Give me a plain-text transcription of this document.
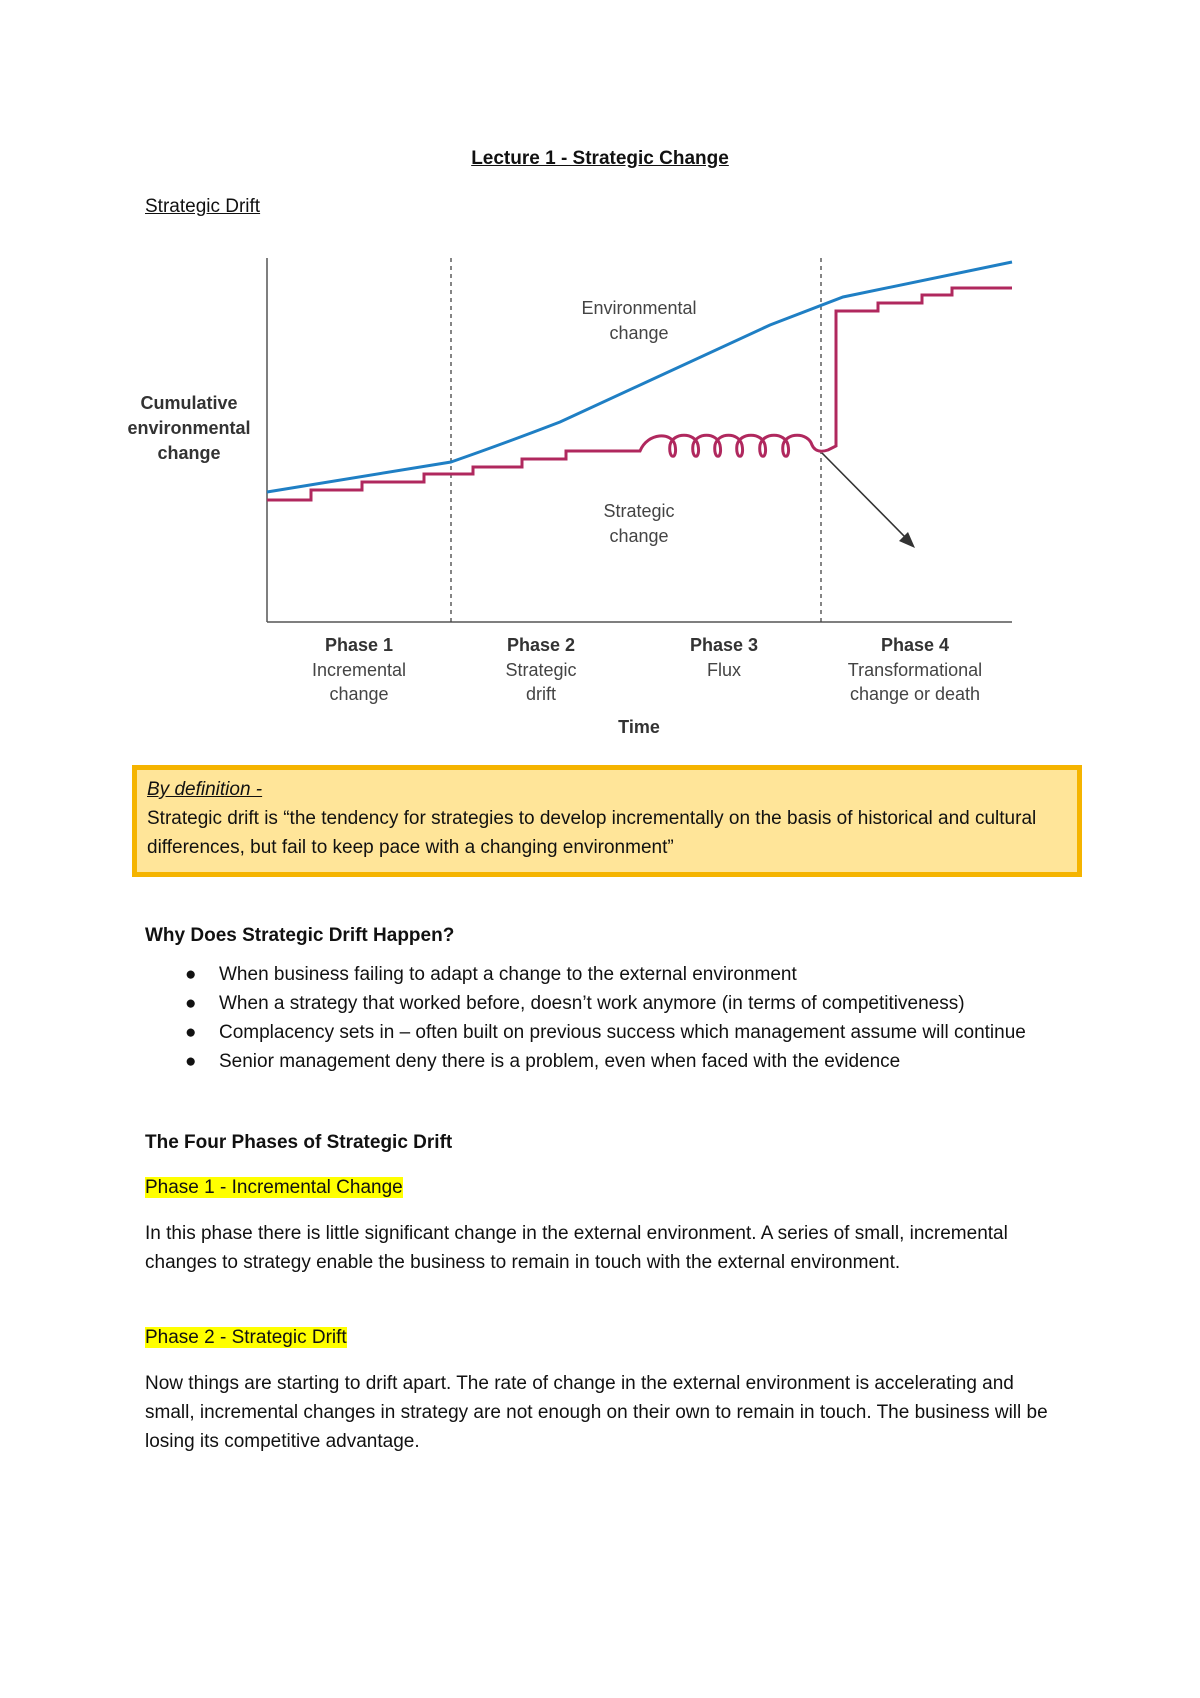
Lecture 1 - Strategic Change
Strategic Drift
Cumulative
environmental
change
Environmental
change
Strategic
change
Phase 1
Incremental
change
Phase 2
Strategic
drift
Phase 3
Flux
Phase 4
Transformational
change or death
Time
By definition -
Strategic drift is “the tendency for strategies to develop incrementally on the basis of historical and cultural differences, but fail to keep pace with a changing environment”
Why Does Strategic Drift Happen?
● When business failing to adapt a change to the external environment
● When a strategy that worked before, doesn’t work anymore (in terms of competitiveness)
● Complacency sets in – often built on previous success which management assume will continue
● Senior management deny there is a problem, even when faced with the evidence
The Four Phases of Strategic Drift
Phase 1 - Incremental Change
In this phase there is little significant change in the external environment. A series of small, incremental changes to strategy enable the business to remain in touch with the external environment.
Phase 2 - Strategic Drift
Now things are starting to drift apart. The rate of change in the external environment is accelerating and small, incremental changes in strategy are not enough on their own to remain in touch. The business will be losing its competitive advantage.
